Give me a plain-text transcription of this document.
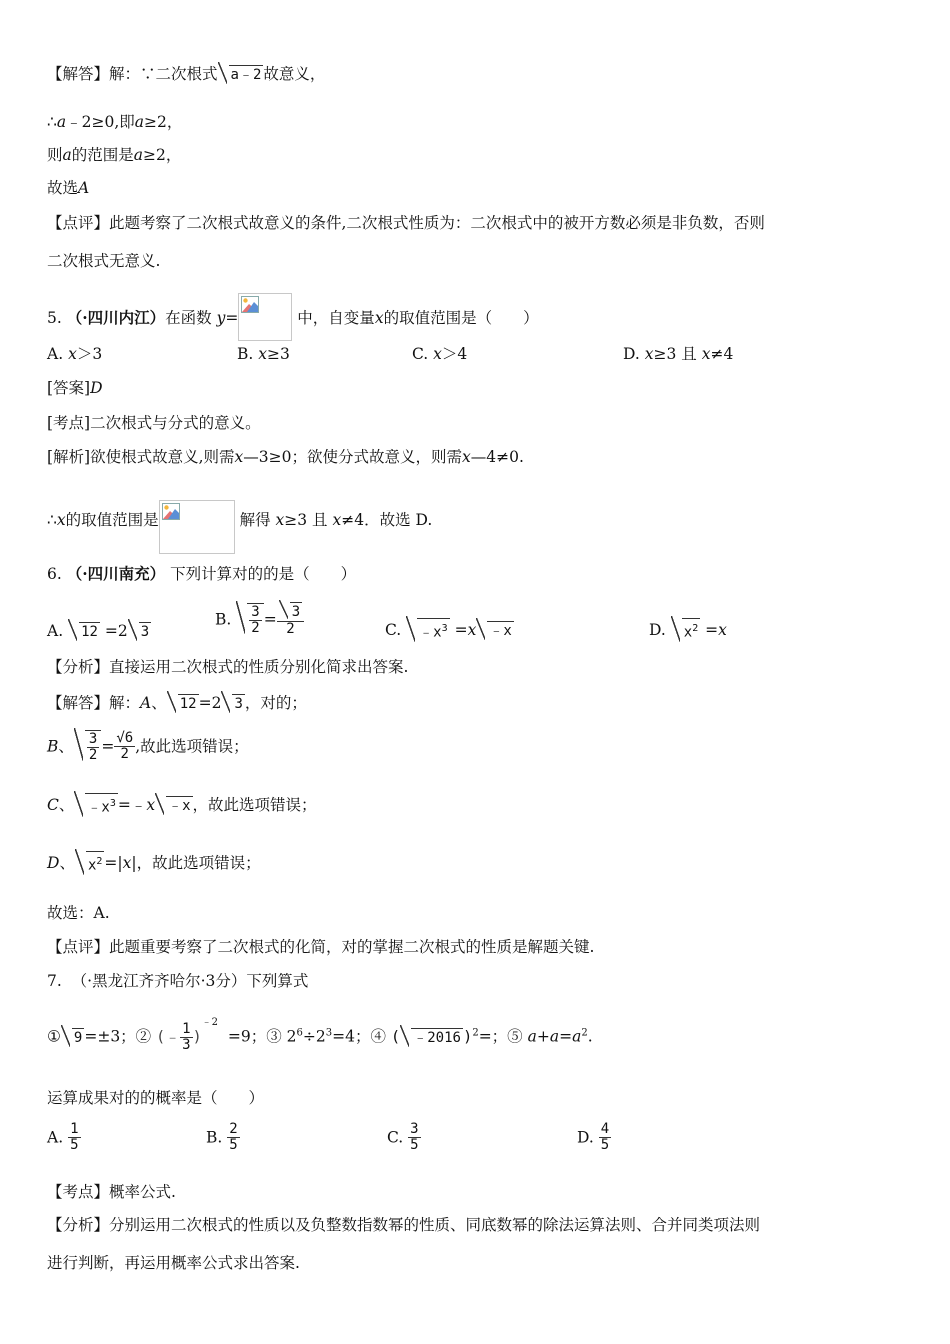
【解答】解：∵二次根式 a﹣2 故意义，
∴a﹣2≥0,即a≥2，
则a的范围是a≥2，
故选A
【点评】此题考察了二次根式故意义的条件,二次根式性质为：二次根式中的被开方数必须是非负数，否则
二次根式无意义.
5. （·四川内江）在函数 y=	中，自变量x的取值范围是（　　）
A. x＞3	B. x≥3	C. x＞4	D. x≥3 且 x≠4
[答案]D
[考点]二次根式与分式的意义。
[解析]欲使根式故意义,则需x—3≥0；欲使分式故意义，则需x—4≠0.
∴x的取值范围是	解得 x≥3 且 x≠4．故选 D.
6. （·四川南充） 下列计算对的的是（　　）
A. 12 =2 3
B. $\frac{3}{2} = \frac{3}{2}$	C. $﹣x^3 =x$ ﹣x	D. $x^2 =x$
【分析】直接运用二次根式的性质分别化简求出答案.
【解答】解：A、 12 =2 3 ，对的；
B、 $\frac{3}{2} = \frac{√6}{2}$ ,故此选项错误；
C、 $﹣x^3$ =﹣x ﹣x ，故此选项错误；
D、 $x^2 =|x|$，故此选项错误；
故选：A.
【点评】此题重要考察了二次根式的化简，对的掌握二次根式的性质是解题关键.
7. （·黑龙江齐齐哈尔·3分）下列算式
① 9 =±3；② (﹣ $\frac{1}{3} )^{﹣2} =9$；③ $2^6\div 2^3=4$；④ ( ﹣2016 )$^2$=；⑤ $a+a=a^2$.
运算成果对的的概率是（　　）
A. $\frac{1}{5}$	B. $\frac{2}{5}$	C. $\frac{3}{5}$	D. $\frac{4}{5}$
【考点】概率公式.
【分析】分别运用二次根式的性质以及负整数指数幂的性质、同底数幂的除法运算法则、合并同类项法则
进行判断，再运用概率公式求出答案.
